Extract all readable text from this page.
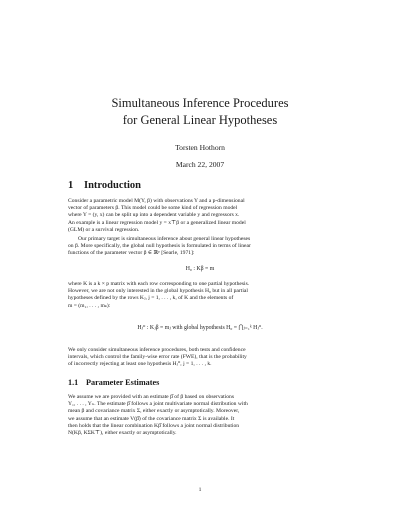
Simultaneous Inference Procedures
for General Linear Hypotheses
Torsten Hothorn
March 22, 2007
1 Introduction
Consider a parametric model M(Y, β) with observations Y and a p-dimensional
vector of parameters β. This model could be some kind of regression model
where Y = (y, x) can be split up into a dependent variable y and regressors x.
An example is a linear regression model y = x⊤β or a generalized linear model
(GLM) or a survival regression.
Our primary target is simultaneous inference about general linear hypotheses
on β. More specifically, the global null hypothesis is formulated in terms of linear
functions of the parameter vector β ∈ ℝᵖ [Searle, 1971]:
H₀ : Kβ = m
where K is a k × p matrix with each row corresponding to one partial hypothesis.
However, we are not only interested in the global hypothesis H₀ but in all partial
hypotheses defined by the rows Kⱼ, j = 1, . . . , k, of K and the elements of
m = (m₁, . . . , mₖ):
Hⱼ⁰ : Kⱼβ = mⱼ with global hypothesis H₀ = ⋂ⱼ₌₁ᵏ Hⱼ⁰.
We only consider simultaneous inference procedures, both tests and confidence
intervals, which control the family-wise error rate (FWE), that is the probability
of incorrectly rejecting at least one hypothesis Hⱼ⁰, j = 1, . . . , k.
1.1 Parameter Estimates
We assume we are provided with an estimate β̂ of β based on observations
Y₁, . . . , Yₙ. The estimate β̂ follows a joint multivariate normal distribution with
mean β and covariance matrix Σ, either exactly or asymptotically. Moreover,
we assume that an estimate V(β̂) of the covariance matrix Σ is available. It
then holds that the linear combination Kβ̂ follows a joint normal distribution
N(Kβ, KΣK⊤), either exactly or asymptotically.
1
